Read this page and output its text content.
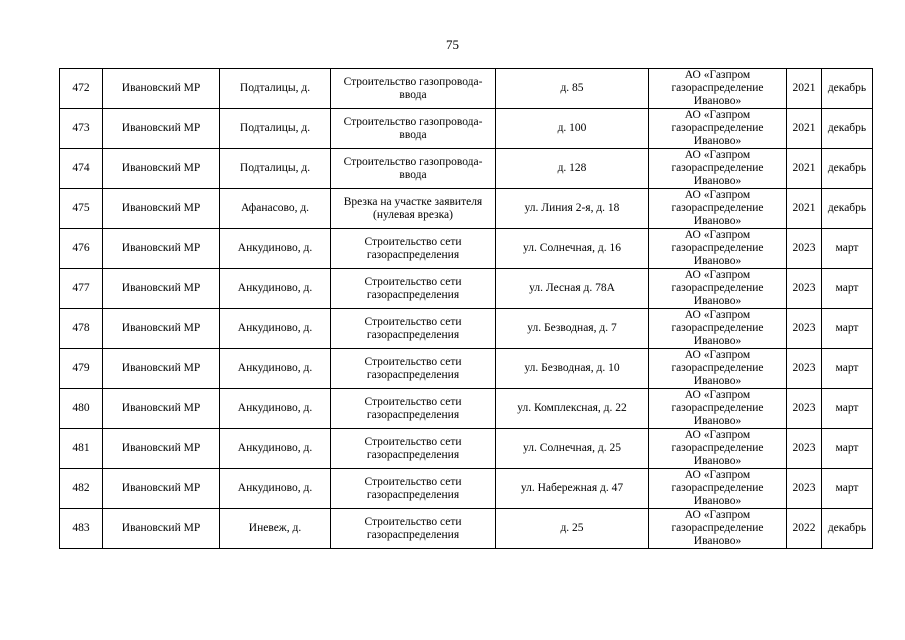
75
472	Ивановский МР	Подталицы, д.	Строительство газопровода-
ввода	д. 85	АО «Газпром
газораспределение
Иваново»	2021	декабрь
473	Ивановский МР	Подталицы, д.	Строительство газопровода-
ввода	д. 100	АО «Газпром
газораспределение
Иваново»	2021	декабрь
474	Ивановский МР	Подталицы, д.	Строительство газопровода-
ввода	д. 128	АО «Газпром
газораспределение
Иваново»	2021	декабрь
475	Ивановский МР	Афанасово, д.	Врезка на участке заявителя
(нулевая врезка)	ул. Линия 2-я, д. 18	АО «Газпром
газораспределение
Иваново»	2021	декабрь
476	Ивановский МР	Анкудиново, д.	Строительство сети
газораспределения	ул. Солнечная, д. 16	АО «Газпром
газораспределение
Иваново»	2023	март
477	Ивановский МР	Анкудиново, д.	Строительство сети
газораспределения	ул. Лесная д. 78А	АО «Газпром
газораспределение
Иваново»	2023	март
478	Ивановский МР	Анкудиново, д.	Строительство сети
газораспределения	ул. Безводная, д. 7	АО «Газпром
газораспределение
Иваново»	2023	март
479	Ивановский МР	Анкудиново, д.	Строительство сети
газораспределения	ул. Безводная, д. 10	АО «Газпром
газораспределение
Иваново»	2023	март
480	Ивановский МР	Анкудиново, д.	Строительство сети
газораспределения	ул. Комплексная, д. 22	АО «Газпром
газораспределение
Иваново»	2023	март
481	Ивановский МР	Анкудиново, д.	Строительство сети
газораспределения	ул. Солнечная, д. 25	АО «Газпром
газораспределение
Иваново»	2023	март
482	Ивановский МР	Анкудиново, д.	Строительство сети
газораспределения	ул. Набережная д. 47	АО «Газпром
газораспределение
Иваново»	2023	март
483	Ивановский МР	Иневеж, д.	Строительство сети
газораспределения	д. 25	АО «Газпром
газораспределение
Иваново»	2022	декабрь
